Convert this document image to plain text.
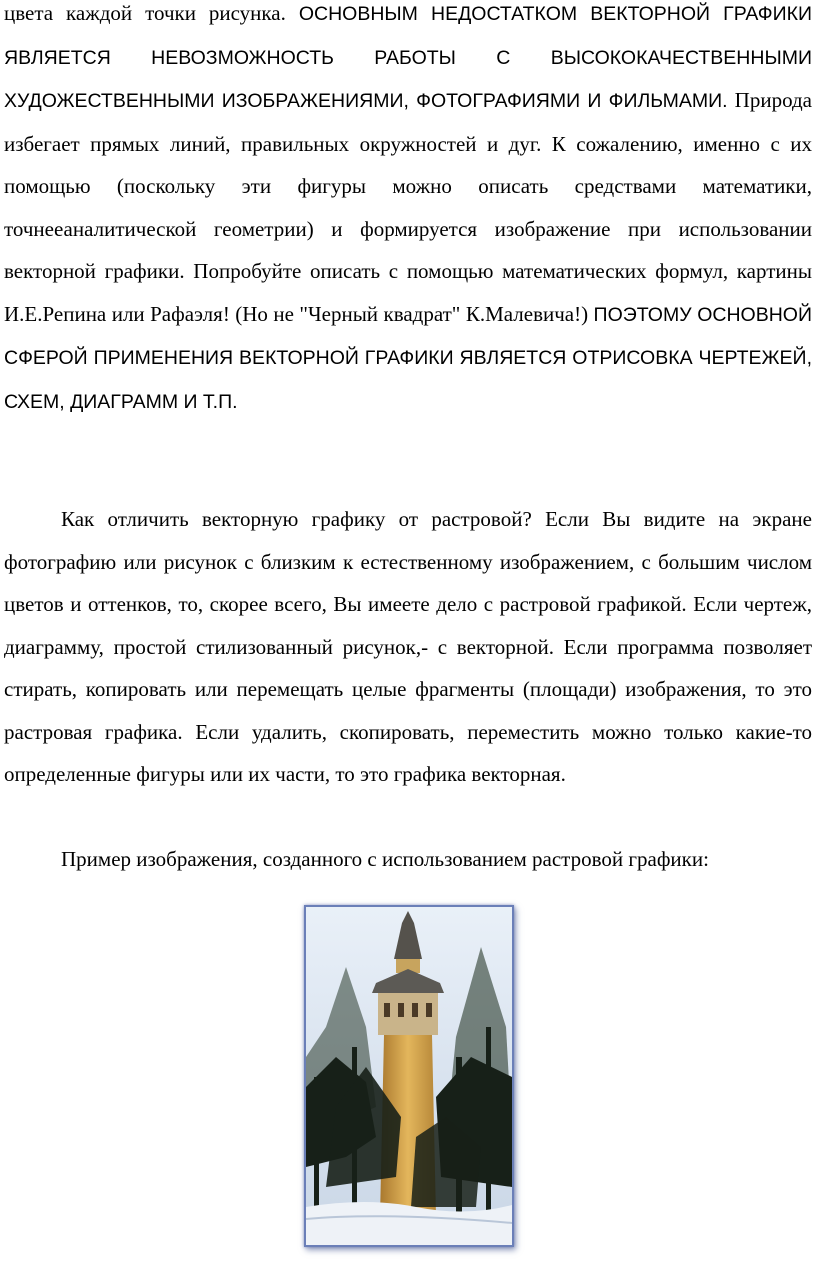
цвета каждой точки рисунка. ОСНОВНЫМ НЕДОСТАТКОМ ВЕКТОРНОЙ ГРАФИКИ ЯВЛЯЕТСЯ НЕВОЗМОЖНОСТЬ РАБОТЫ С ВЫСОКОКАЧЕСТВЕННЫМИ ХУДОЖЕСТВЕННЫМИ ИЗОБРАЖЕНИЯМИ, ФОТОГРАФИЯМИ И ФИЛЬМАМИ. Природа избегает прямых линий, правильных окружностей и дуг. К сожалению, именно с их помощью (поскольку эти фигуры можно описать средствами математики, точнееаналитической геометрии) и формируется изображение при использовании векторной графики. Попробуйте описать с помощью математических формул, картины И.Е.Репина или Рафаэля! (Но не "Черный квадрат" К.Малевича!) ПОЭТОМУ ОСНОВНОЙ СФЕРОЙ ПРИМЕНЕНИЯ ВЕКТОРНОЙ ГРАФИКИ ЯВЛЯЕТСЯ ОТРИСОВКА ЧЕРТЕЖЕЙ, СХЕМ, ДИАГРАММ И Т.П.

Как отличить векторную графику от растровой? Если Вы видите на экране фотографию или рисунок с близким к естественному изображением, с большим числом цветов и оттенков, то, скорее всего, Вы имеете дело с растровой графикой. Если чертеж, диаграмму, простой стилизованный рисунок,- с векторной. Если программа позволяет стирать, копировать или перемещать целые фрагменты (площади) изображения, то это растровая графика. Если удалить, скопировать, переместить можно только какие-то определенные фигуры или их части, то это графика векторная.

Пример изображения, созданного с использованием растровой графики:
